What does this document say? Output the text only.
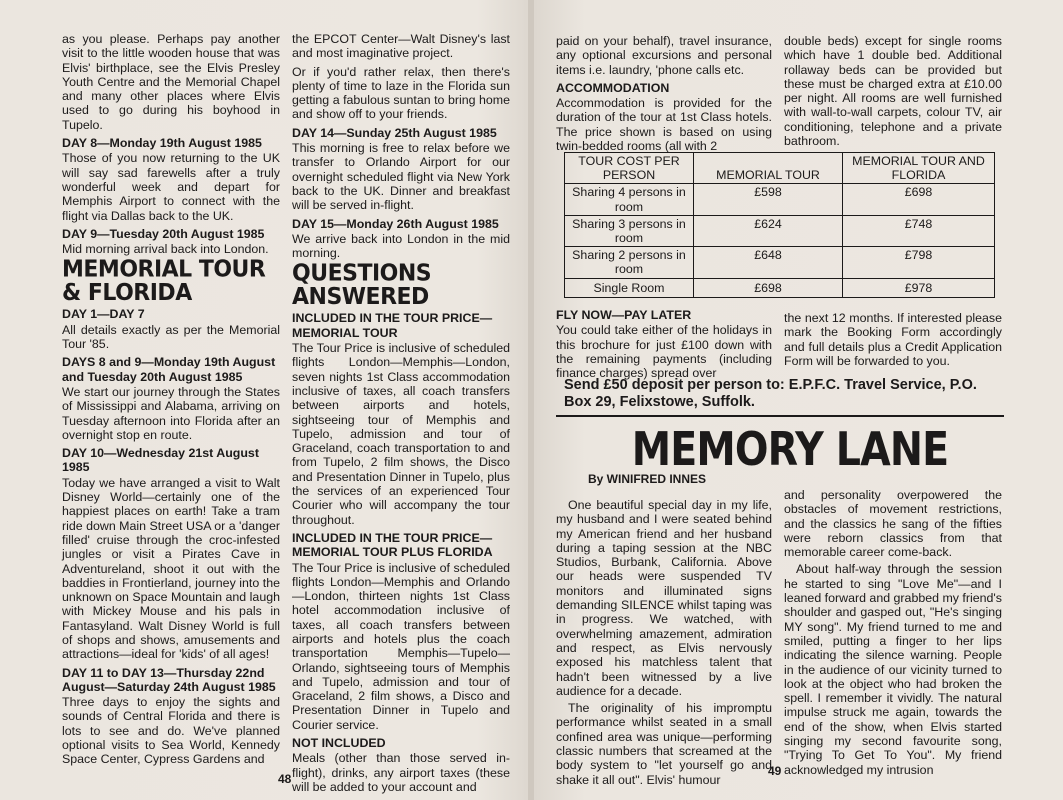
as you please. Perhaps pay another visit to the little wooden house that was Elvis' birthplace, see the Elvis Presley Youth Centre and the Memorial Chapel and many other places where Elvis used to go during his boyhood in Tupelo.

DAY 8—Monday 19th August 1985

Those of you now returning to the UK will say sad farewells after a truly wonderful week and depart for Memphis Airport to connect with the flight via Dallas back to the UK.

DAY 9—Tuesday 20th August 1985

Mid morning arrival back into London.

MEMORIAL TOUR & FLORIDA
DAY 1—DAY 7

All details exactly as per the Memorial Tour '85.

DAYS 8 and 9—Monday 19th August and Tuesday 20th August 1985

We start our journey through the States of Mississippi and Alabama, arriving on Tuesday afternoon into Florida after an overnight stop en route.

DAY 10—Wednesday 21st August 1985

Today we have arranged a visit to Walt Disney World—certainly one of the happiest places on earth! Take a tram ride down Main Street USA or a 'danger filled' cruise through the croc-infested jungles or visit a Pirates Cave in Adventureland, shoot it out with the baddies in Frontierland, journey into the unknown on Space Mountain and laugh with Mickey Mouse and his pals in Fantasyland. Walt Disney World is full of shops and shows, amusements and attractions—ideal for 'kids' of all ages!

DAY 11 to DAY 13—Thursday 22nd August—Saturday 24th August 1985

Three days to enjoy the sights and sounds of Central Florida and there is lots to see and do. We've planned optional visits to Sea World, Kennedy Space Center, Cypress Gardens and

the EPCOT Center—Walt Disney's last and most imaginative project.

Or if you'd rather relax, then there's plenty of time to laze in the Florida sun getting a fabulous suntan to bring home and show off to your friends.

DAY 14—Sunday 25th August 1985

This morning is free to relax before we transfer to Orlando Airport for our overnight scheduled flight via New York back to the UK. Dinner and breakfast will be served in-flight.

DAY 15—Monday 26th August 1985

We arrive back into London in the mid morning.

QUESTIONS ANSWERED
INCLUDED IN THE TOUR PRICE—MEMORIAL TOUR

The Tour Price is inclusive of scheduled flights London—Memphis—London, seven nights 1st Class accommodation inclusive of taxes, all coach transfers between airports and hotels, sightseeing tour of Memphis and Tupelo, admission and tour of Graceland, coach transportation to and from Tupelo, 2 film shows, the Disco and Presentation Dinner in Tupelo, plus the services of an experienced Tour Courier who will accompany the tour throughout.

INCLUDED IN THE TOUR PRICE—MEMORIAL TOUR PLUS FLORIDA

The Tour Price is inclusive of scheduled flights London—Memphis and Orlando—London, thirteen nights 1st Class hotel accommodation inclusive of taxes, all coach transfers between airports and hotels plus the coach transportation Memphis—Tupelo—Orlando, sightseeing tours of Memphis and Tupelo, admission and tour of Graceland, 2 film shows, a Disco and Presentation Dinner in Tupelo and Courier service.

NOT INCLUDED

Meals (other than those served in-flight), drinks, any airport taxes (these will be added to your account and

48

paid on your behalf), travel insurance, any optional excursions and personal items i.e. laundry, 'phone calls etc.

ACCOMMODATION

Accommodation is provided for the duration of the tour at 1st Class hotels. The price shown is based on using twin-bedded rooms (all with 2

double beds) except for single rooms which have 1 double bed. Additional rollaway beds can be provided but these must be charged extra at £10.00 per night. All rooms are well furnished with wall-to-wall carpets, colour TV, air conditioning, telephone and a private bathroom.

TOUR COST PER PERSON	MEMORIAL TOUR	MEMORIAL TOUR AND FLORIDA
Sharing 4 persons in room	£598	£698
Sharing 3 persons in room	£624	£748
Sharing 2 persons in room	£648	£798
Single Room	£698	£978
FLY NOW—PAY LATER

You could take either of the holidays in this brochure for just £100 down with the remaining payments (including finance charges) spread over

the next 12 months. If interested please mark the Booking Form accordingly and full details plus a Credit Application Form will be forwarded to you.

Send £50 deposit per person to: E.P.F.C. Travel Service, P.O. Box 29, Felixstowe, Suffolk.
MEMORY LANE
By WINIFRED INNES

One beautiful special day in my life, my husband and I were seated behind my American friend and her husband during a taping session at the NBC Studios, Burbank, California. Above our heads were suspended TV monitors and illuminated signs demanding SILENCE whilst taping was in progress. We watched, with overwhelming amazement, admiration and respect, as Elvis nervously exposed his matchless talent that hadn't been witnessed by a live audience for a decade.

The originality of his impromptu performance whilst seated in a small confined area was unique—performing classic numbers that screamed at the body system to "let yourself go and shake it all out". Elvis' humour

and personality overpowered the obstacles of movement restrictions, and the classics he sang of the fifties were reborn classics from that memorable career come-back.

About half-way through the session he started to sing "Love Me"—and I leaned forward and grabbed my friend's shoulder and gasped out, "He's singing MY song". My friend turned to me and smiled, putting a finger to her lips indicating the silence warning. People in the audience of our vicinity turned to look at the object who had broken the spell. I remember it vividly. The natural impulse struck me again, towards the end of the show, when Elvis started singing my second favourite song, "Trying To Get To You". My friend acknowledged my intrusion

49
